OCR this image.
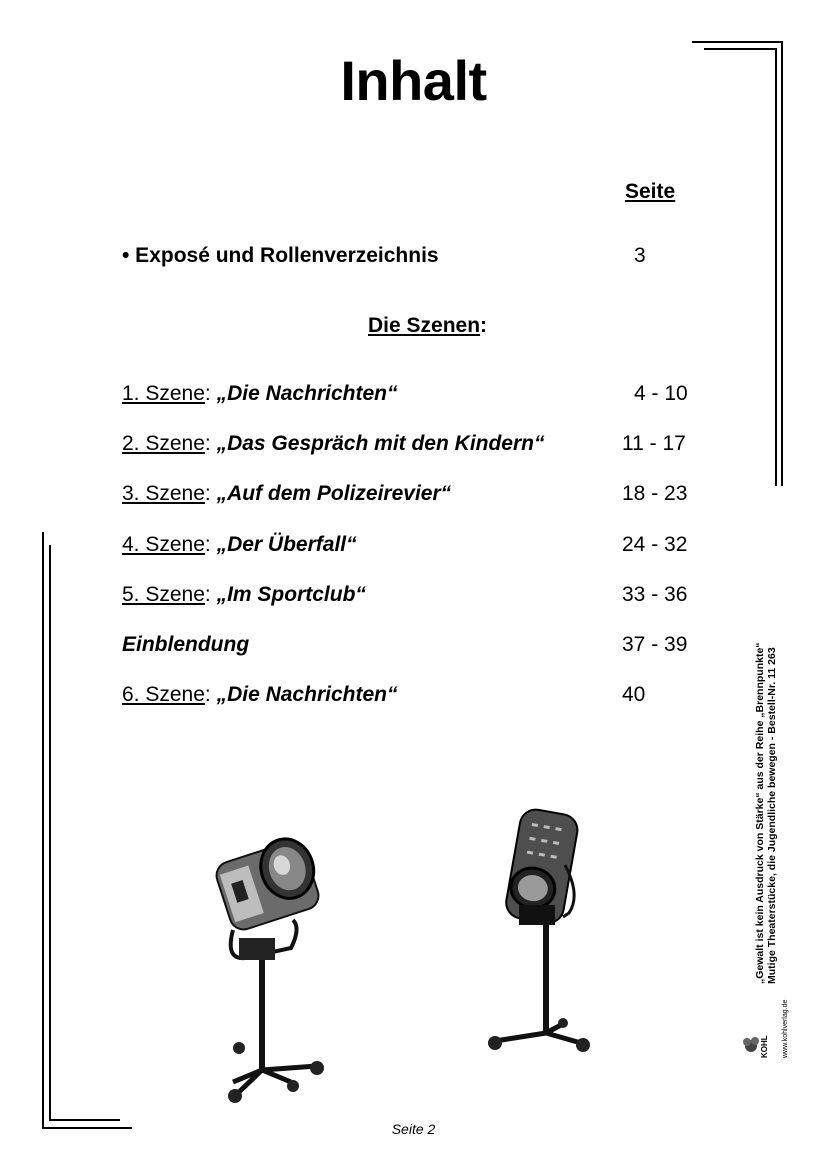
Inhalt
Seite
• Exposé und Rollenverzeichnis	3
Die Szenen:
1. Szene: „Die Nachrichten“	4 - 10
2. Szene: „Das Gespräch mit den Kindern“	11 - 17
3. Szene: „Auf dem Polizeirevier“	18 - 23
4. Szene: „Der Überfall“	24 - 32
5. Szene: „Im Sportclub“	33 - 36
Einblendung	37 - 39
6. Szene: „Die Nachrichten“	40	„Gewalt ist kein Ausdruck von Stärke“ aus der Reihe „Brennpunkte“ Mutige Theaterstücke, die Jugendliche bewegen - Bestell-Nr. 11 263
KOHL www.kohlverlag.de
Seite 2
